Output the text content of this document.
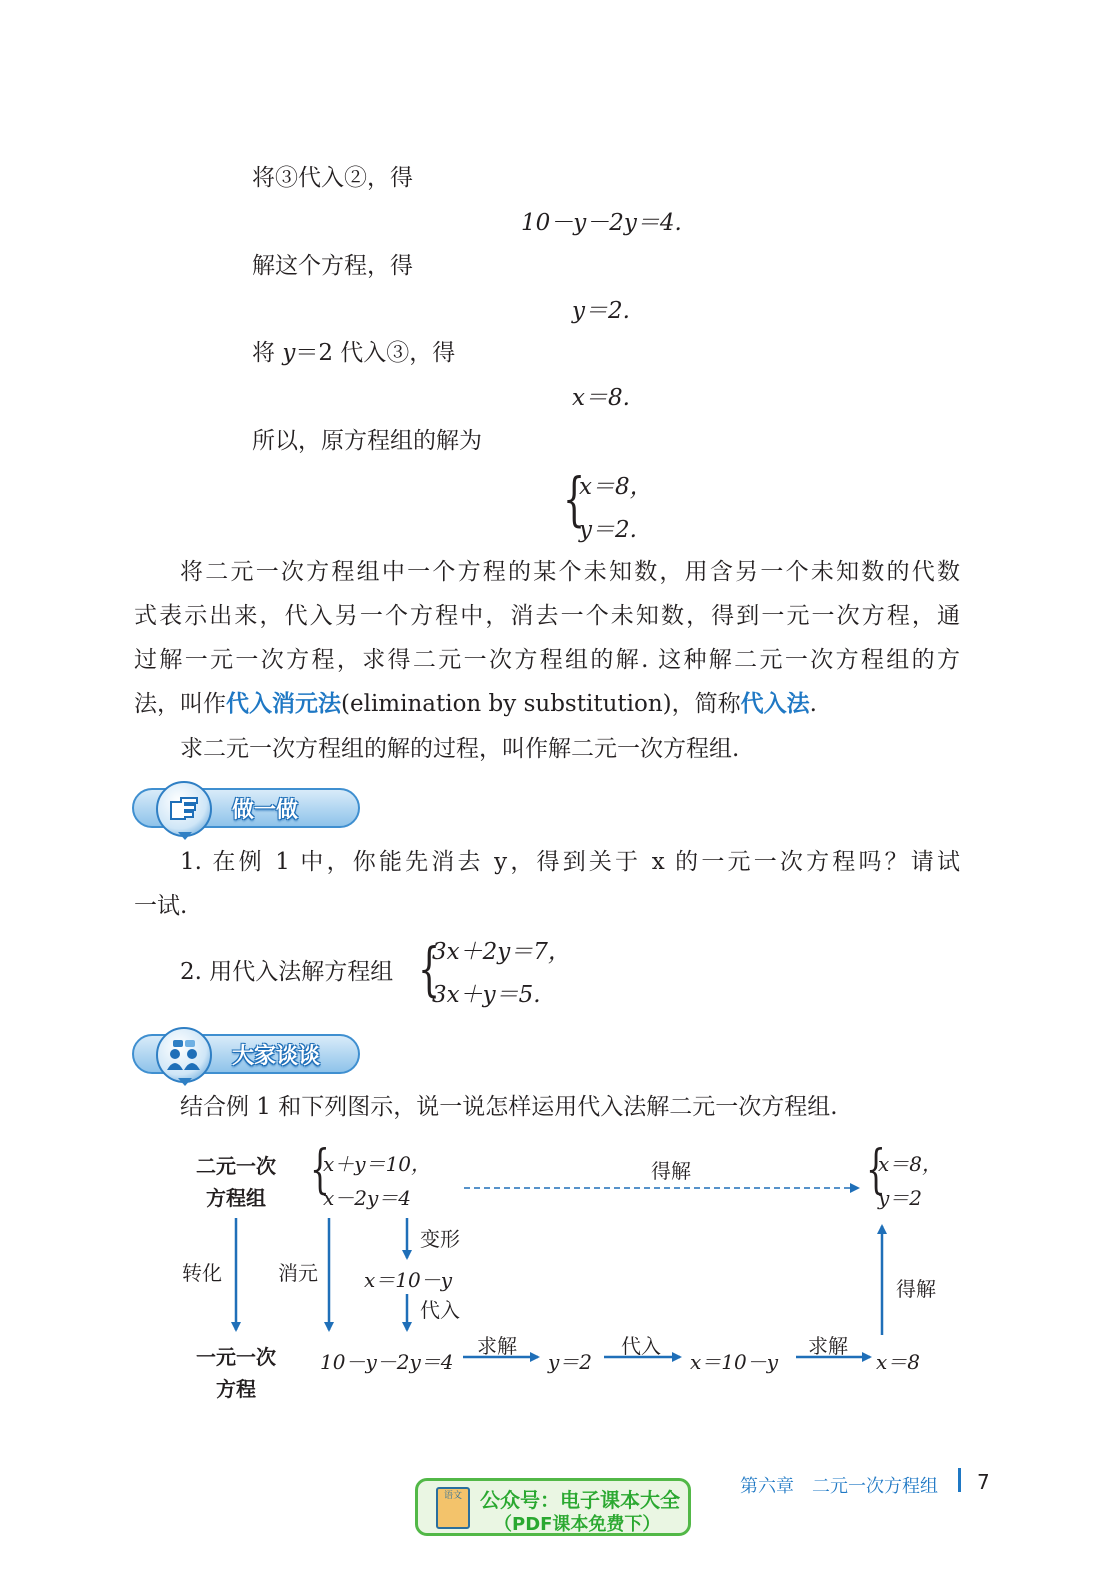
将③代入②，得
10－y－2y＝4.
解这个方程，得
y＝2.
将 y＝2 代入③，得
x＝8.
所以，原方程组的解为
{
x＝8，
y＝2.
将二元一次方程组中一个方程的某个未知数，用含另一个未知数的代数
式表示出来，代入另一个方程中，消去一个未知数，得到一元一次方程，通
过解一元一次方程，求得二元一次方程组的解. 这种解二元一次方程组的方
法，叫作代入消元法(elimination by substitution)，简称代入法.
求二元一次方程组的解的过程，叫作解二元一次方程组.
做一做
1. 在例 1 中，你能先消去 y，得到关于 x 的一元一次方程吗？请试
一试.
2. 用代入法解方程组 {
3x＋2y＝7，
3x＋y＝5.
大家谈谈
结合例 1 和下列图示，说一说怎样运用代入法解二元一次方程组.
二元一次
方程组
一元一次
方程
转化	消元
变形
代入
得解
得解
求解	代入	求解
{
x＋y＝10，
x－2y＝4
x＝10－y
10－y－2y＝4	y＝2	x＝10－y	x＝8
{
x＝8，
y＝2
第六章　二元一次方程组 7
语文 公众号：电子课本大全
（PDF课本免费下）
